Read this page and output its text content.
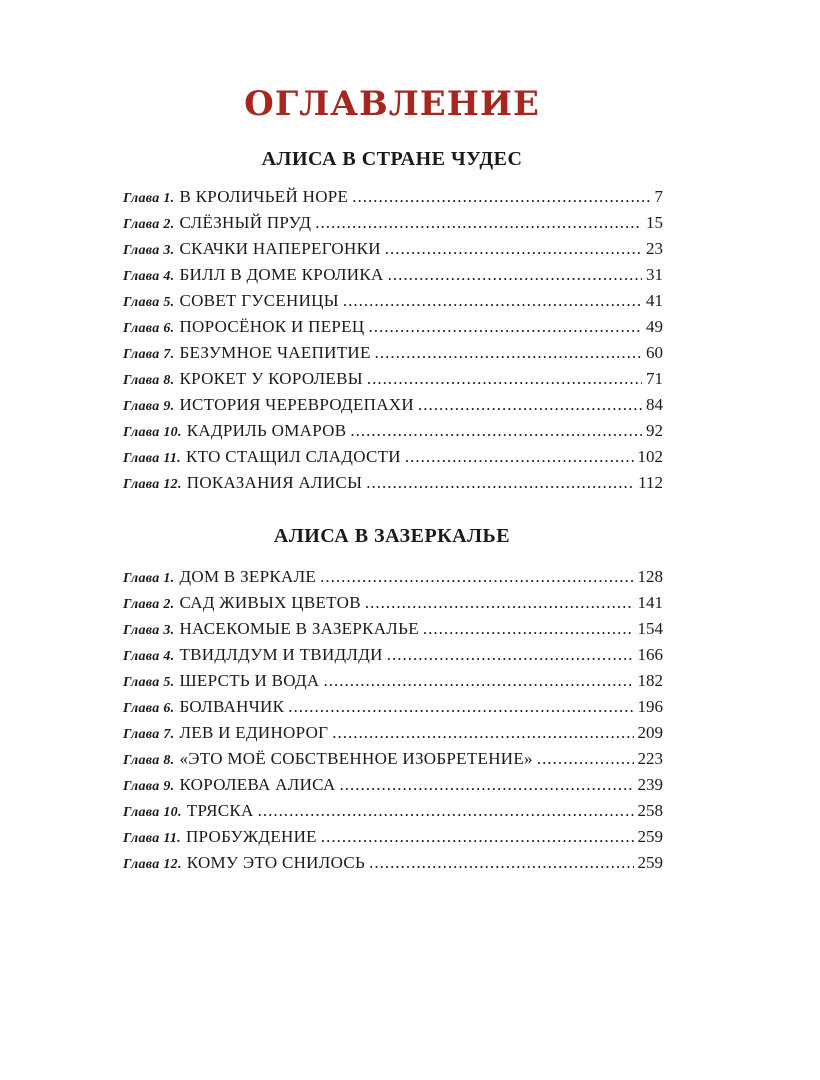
ОГЛАВЛЕНИЕ
АЛИСА В СТРАНЕ ЧУДЕС
Глава 1. В КРОЛИЧЬЕЙ НОРЕ .....	7
Глава 2. СЛЁЗНЫЙ ПРУД .....	15
Глава 3. СКАЧКИ НАПЕРЕГОНКИ .....	23
Глава 4. БИЛЛ В ДОМЕ КРОЛИКА .....	31
Глава 5. СОВЕТ ГУСЕНИЦЫ .....	41
Глава 6. ПОРОСЁНОК И ПЕРЕЦ .....	49
Глава 7. БЕЗУМНОЕ ЧАЕПИТИЕ .....	60
Глава 8. КРОКЕТ У КОРОЛЕВЫ .....	71
Глава 9. ИСТОРИЯ ЧЕРЕВРОДЕПАХИ .....	84
Глава 10. КАДРИЛЬ ОМАРОВ .....	92
Глава 11. КТО СТАЩИЛ СЛАДОСТИ .....	102
Глава 12. ПОКАЗАНИЯ АЛИСЫ .....	112
АЛИСА В ЗАЗЕРКАЛЬЕ
Глава 1. ДОМ В ЗЕРКАЛЕ .....	128
Глава 2. САД ЖИВЫХ ЦВЕТОВ .....	141
Глава 3. НАСЕКОМЫЕ В ЗАЗЕРКАЛЬЕ .....	154
Глава 4. ТВИДЛДУМ И ТВИДЛДИ .....	166
Глава 5. ШЕРСТЬ И ВОДА .....	182
Глава 6. БОЛВАНЧИК .....	196
Глава 7. ЛЕВ И ЕДИНОРОГ .....	209
Глава 8. «ЭТО МОЁ СОБСТВЕННОЕ ИЗОБРЕТЕНИЕ» .....	223
Глава 9. КОРОЛЕВА АЛИСА .....	239
Глава 10. ТРЯСКА .....	258
Глава 11. ПРОБУЖДЕНИЕ .....	259
Глава 12. КОМУ ЭТО СНИЛОСЬ .....	259
